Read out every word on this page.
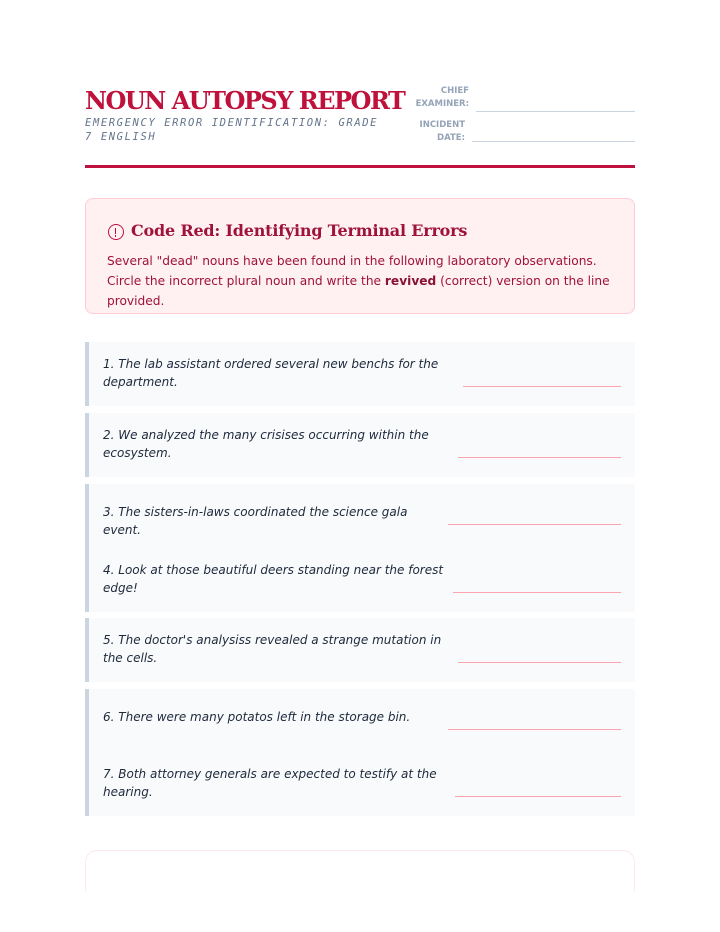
NOUN AUTOPSY REPORT
EMERGENCY ERROR IDENTIFICATION: GRADE 7 ENGLISH
CHIEF EXAMINER:
INCIDENT DATE:
Code Red: Identifying Terminal Errors
Several "dead" nouns have been found in the following laboratory observations. Circle the incorrect plural noun and write the revived (correct) version on the line provided.
1. The lab assistant ordered several new benchs for the department.
2. We analyzed the many crisises occurring within the ecosystem.
3. The sisters-in-laws coordinated the science gala event.
4. Look at those beautiful deers standing near the forest edge!
5. The doctor's analysiss revealed a strange mutation in the cells.
6. There were many potatos left in the storage bin.
7. Both attorney generals are expected to testify at the hearing.
